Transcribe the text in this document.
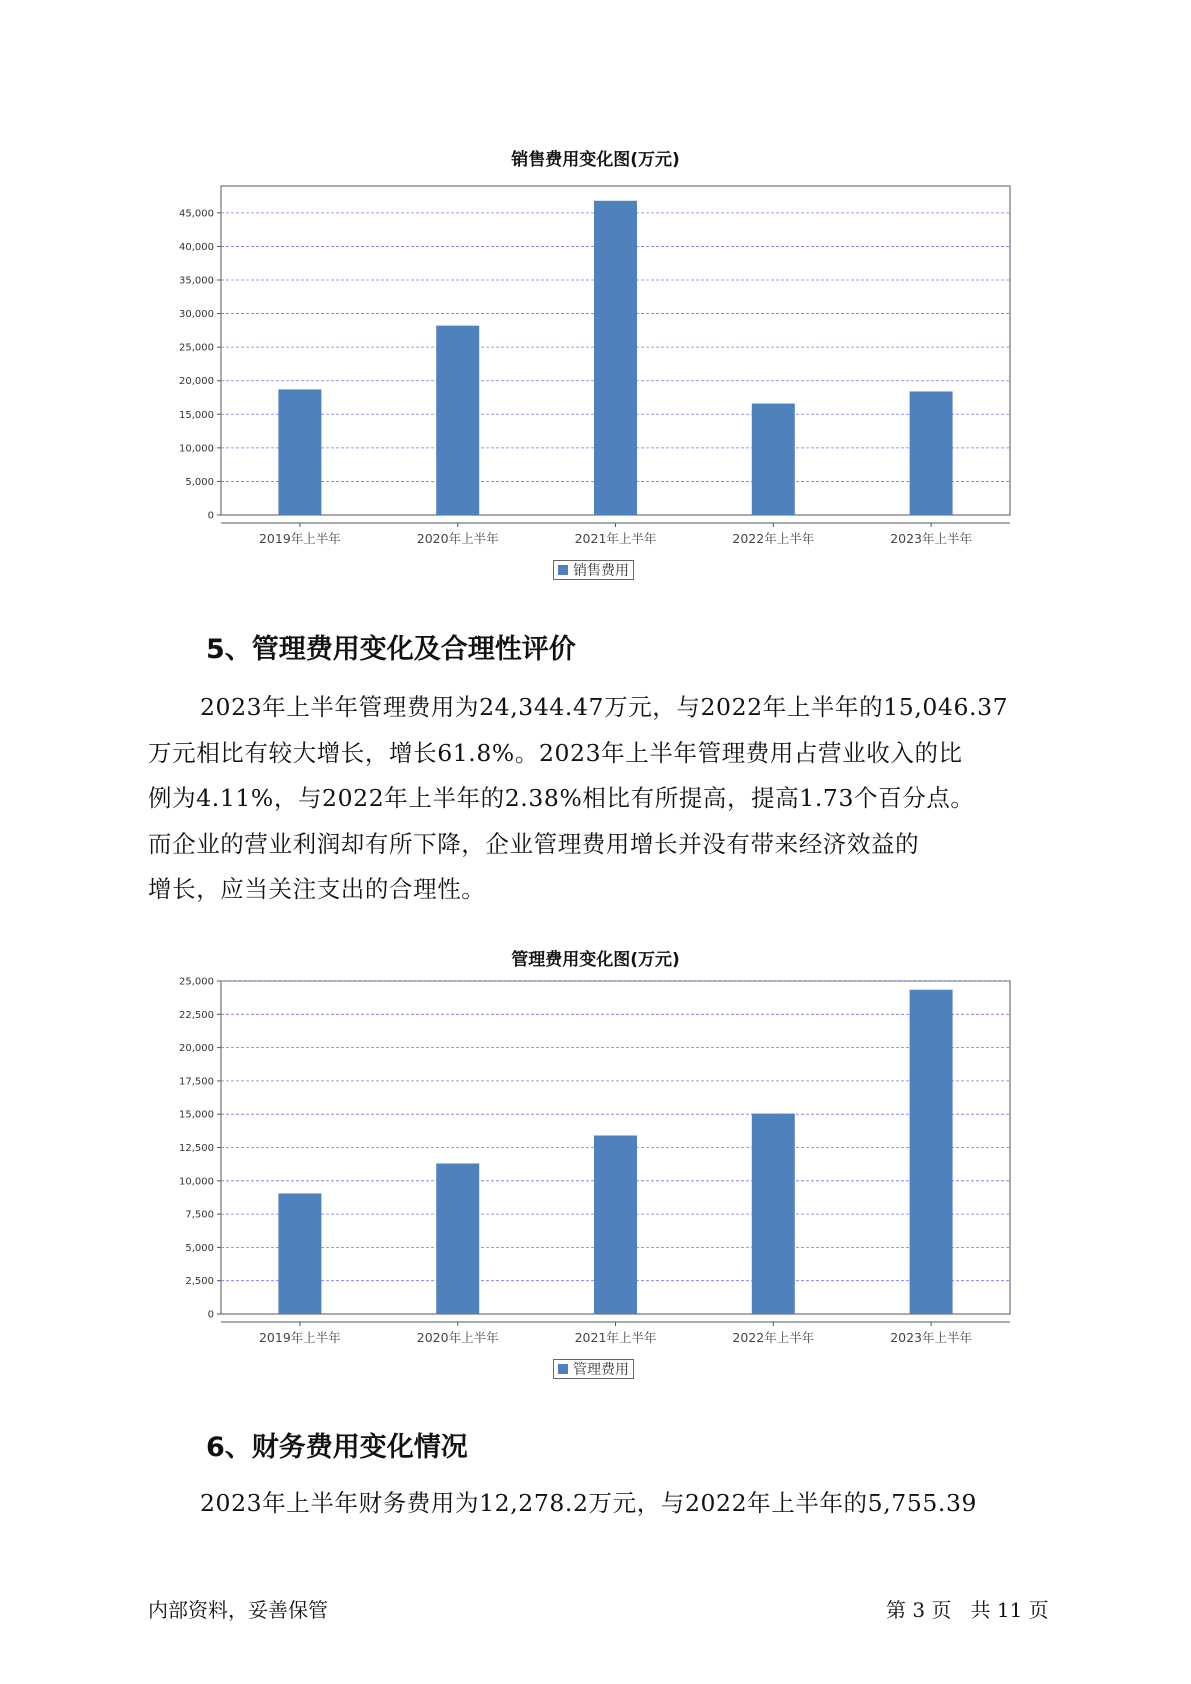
销售费用变化图(万元)
0
5,000
10,000
15,000
20,000
25,000
30,000
35,000
40,000
45,000
2019年上半年	2020年上半年	2021年上半年	2022年上半年	2023年上半年
销售费用
5、管理费用变化及合理性评价
2023年上半年管理费用为24,344.47万元，与2022年上半年的15,046.37
万元相比有较大增长，增长61.8%。2023年上半年管理费用占营业收入的比
例为4.11%，与2022年上半年的2.38%相比有所提高，提高1.73个百分点。
而企业的营业利润却有所下降，企业管理费用增长并没有带来经济效益的
增长，应当关注支出的合理性。
管理费用变化图(万元)
0
2,500
5,000
7,500
10,000
12,500
15,000
17,500
20,000
22,500
25,000
2019年上半年	2020年上半年	2021年上半年	2022年上半年	2023年上半年
管理费用
6、财务费用变化情况
2023年上半年财务费用为12,278.2万元，与2022年上半年的5,755.39
内部资料，妥善保管	第 3 页   共 11 页
